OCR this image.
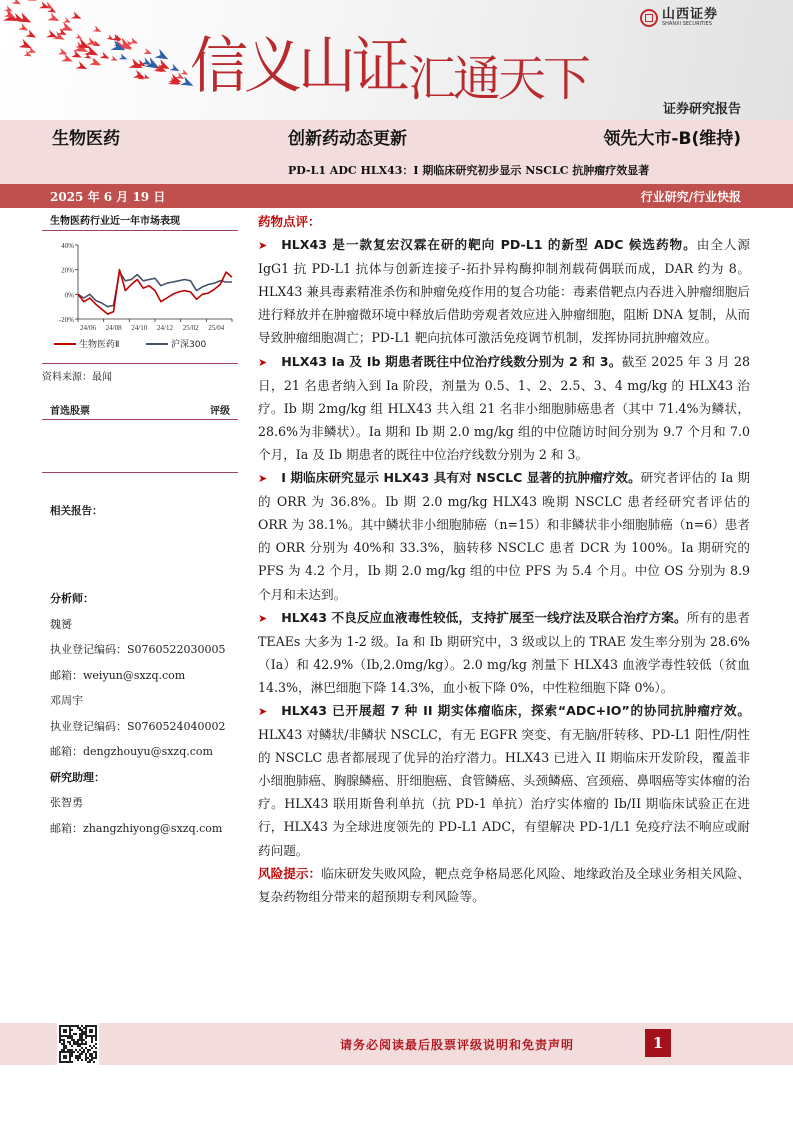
信义山证 汇通天下
山西证券
SHANXI SECURITIES
证券研究报告
生物医药	创新药动态更新	领先大市-B(维持)
PD-L1 ADC HLX43：I 期临床研究初步显示 NSCLC 抗肿瘤疗效显著
2025 年 6 月 19 日	行业研究/行业快报
生物医药行业近一年市场表现
40%
20%
0%
-20%
24/06 24/08 24/10 24/12 25/02 25/04
生物医药Ⅱ	沪深300
资料来源：最闻
首选股票	评级
相关报告：
分析师：
魏赟
执业登记编码：S0760522030005
邮箱：weiyun@sxzq.com
邓周宇
执业登记编码：S0760524040002
邮箱：dengzhouyu@sxzq.com
研究助理：
张智勇
邮箱：zhangzhiyong@sxzq.com
药物点评：

➤ HLX43 是一款复宏汉霖在研的靶向 PD-L1 的新型 ADC 候选药物。由全人源 IgG1 抗 PD-L1 抗体与创新连接子-拓扑异构酶抑制剂载荷偶联而成，DAR 约为 8。HLX43 兼具毒素精准杀伤和肿瘤免疫作用的复合功能：毒素借靶点内吞进入肿瘤细胞后进行释放并在肿瘤微环境中释放后借助旁观者效应进入肿瘤细胞，阻断 DNA 复制，从而导致肿瘤细胞凋亡；PD-L1 靶向抗体可激活免疫调节机制，发挥协同抗肿瘤效应。

➤ HLX43 Ia 及 Ib 期患者既往中位治疗线数分别为 2 和 3。截至 2025 年 3 月 28 日，21 名患者纳入到 Ia 阶段，剂量为 0.5、1、2、2.5、3、4 mg/kg 的 HLX43 治疗。Ib 期 2mg/kg 组 HLX43 共入组 21 名非小细胞肺癌患者（其中 71.4%为鳞状，28.6%为非鳞状）。Ia 期和 Ib 期 2.0 mg/kg 组的中位随访时间分别为 9.7 个月和 7.0 个月，Ia 及 Ib 期患者的既往中位治疗线数分别为 2 和 3。

➤ I 期临床研究显示 HLX43 具有对 NSCLC 显著的抗肿瘤疗效。研究者评估的 Ia 期的 ORR 为 36.8%。Ib 期 2.0 mg/kg HLX43 晚期 NSCLC 患者经研究者评估的 ORR 为 38.1%。其中鳞状非小细胞肺癌（n=15）和非鳞状非小细胞肺癌（n=6）患者的 ORR 分别为 40%和 33.3%，脑转移 NSCLC 患者 DCR 为 100%。Ia 期研究的 PFS 为 4.2 个月，Ib 期 2.0 mg/kg 组的中位 PFS 为 5.4 个月。中位 OS 分别为 8.9 个月和未达到。

➤ HLX43 不良反应血液毒性较低，支持扩展至一线疗法及联合治疗方案。所有的患者 TEAEs 大多为 1-2 级。Ia 和 Ib 期研究中，3 级或以上的 TRAE 发生率分别为 28.6%（Ia）和 42.9%（Ib,2.0mg/kg）。2.0 mg/kg 剂量下 HLX43 血液学毒性较低（贫血 14.3%，淋巴细胞下降 14.3%，血小板下降 0%，中性粒细胞下降 0%）。

➤ HLX43 已开展超 7 种 II 期实体瘤临床，探索“ADC+IO”的协同抗肿瘤疗效。HLX43 对鳞状/非鳞状 NSCLC，有无 EGFR 突变、有无脑/肝转移、PD-L1 阳性/阴性的 NSCLC 患者都展现了优异的治疗潜力。HLX43 已进入 II 期临床开发阶段，覆盖非小细胞肺癌、胸腺鳞癌、肝细胞癌、食管鳞癌、头颈鳞癌、宫颈癌、鼻咽癌等实体瘤的治疗。HLX43 联用斯鲁利单抗（抗 PD-1 单抗）治疗实体瘤的 Ib/II 期临床试验正在进行，HLX43 为全球进度领先的 PD-L1 ADC，有望解决 PD-1/L1 免疫疗法不响应或耐药问题。

风险提示：临床研发失败风险，靶点竞争格局恶化风险、地缘政治及全球业务相关风险、复杂药物组分带来的超预期专利风险等。

请务必阅读最后股票评级说明和免责声明	1
